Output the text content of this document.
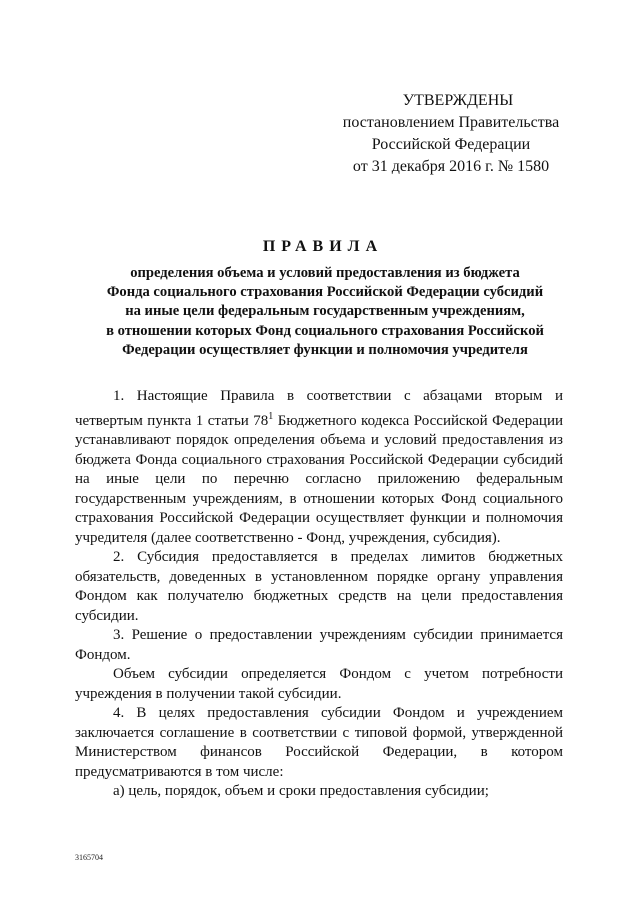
УТВЕРЖДЕНЫ
постановлением Правительства
Российской Федерации
от 31 декабря 2016 г. № 1580
ПРАВИЛА
определения объема и условий предоставления из бюджета
Фонда социального страхования Российской Федерации субсидий
на иные цели федеральным государственным учреждениям,
в отношении которых Фонд социального страхования Российской
Федерации осуществляет функции и полномочия учредителя

1. Настоящие Правила в соответствии с абзацами вторым и четвертым пункта 1 статьи $78^1$ Бюджетного кодекса Российской Федерации устанавливают порядок определения объема и условий предоставления из бюджета Фонда социального страхования Российской Федерации субсидий на иные цели по перечню согласно приложению федеральным государственным учреждениям, в отношении которых Фонд социального страхования Российской Федерации осуществляет функции и полномочия учредителя (далее соответственно - Фонд, учреждения, субсидия).

2. Субсидия предоставляется в пределах лимитов бюджетных обязательств, доведенных в установленном порядке органу управления Фондом как получателю бюджетных средств на цели предоставления субсидии.

3. Решение о предоставлении учреждениям субсидии принимается Фондом.

Объем субсидии определяется Фондом с учетом потребности учреждения в получении такой субсидии.

4. В целях предоставления субсидии Фондом и учреждением заключается соглашение в соответствии с типовой формой, утвержденной Министерством финансов Российской Федерации, в котором предусматриваются в том числе:

а) цель, порядок, объем и сроки предоставления субсидии;

3165704
